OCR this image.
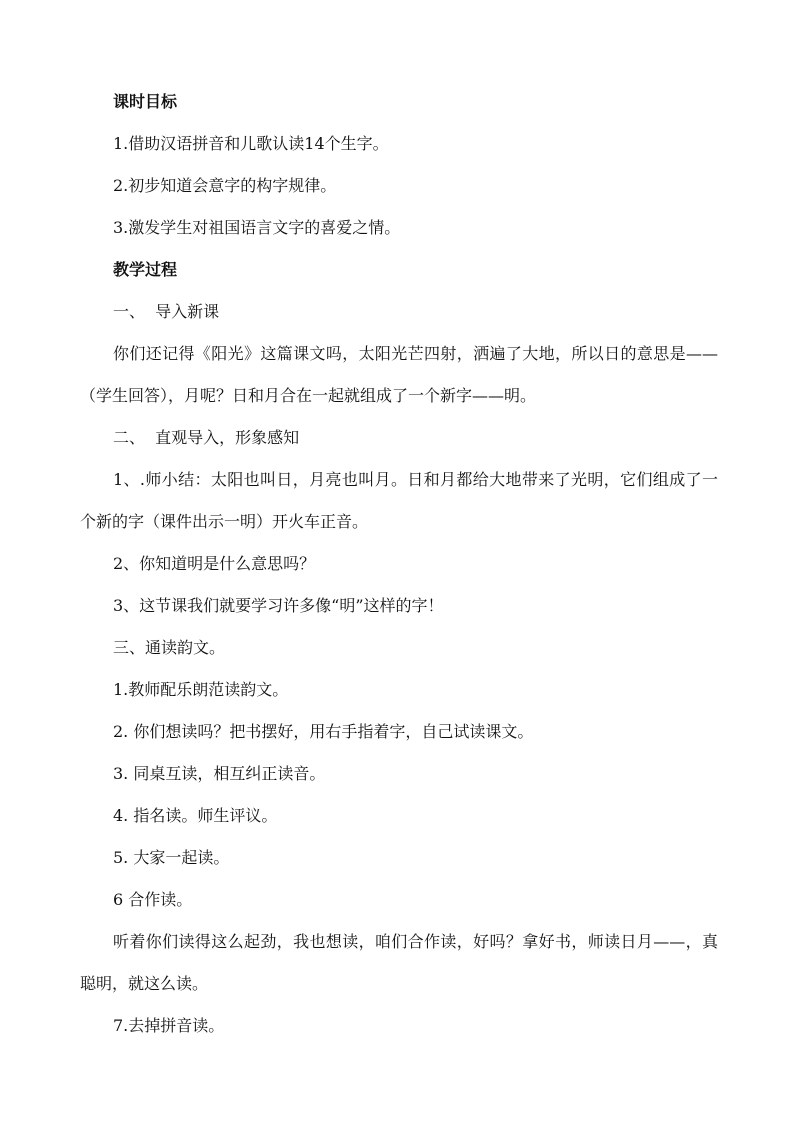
课时目标
1.借助汉语拼音和儿歌认读14个生字。
2.初步知道会意字的构字规律。
3.激发学生对祖国语言文字的喜爱之情。
教学过程
一、  导入新课
你们还记得《阳光》这篇课文吗，太阳光芒四射，洒遍了大地，所以日的意思是——（学生回答），月呢？日和月合在一起就组成了一个新字——明。
二、  直观导入，形象感知
1、.师小结：太阳也叫日，月亮也叫月。日和月都给大地带来了光明，它们组成了一个新的字（课件出示一明）开火车正音。
2、你知道明是什么意思吗？
3、这节课我们就要学习许多像“明”这样的字！
三、通读韵文。
1.教师配乐朗范读韵文。
2. 你们想读吗？把书摆好，用右手指着字，自己试读课文。
3. 同桌互读，相互纠正读音。
4. 指名读。师生评议。
5. 大家一起读。
6 合作读。
听着你们读得这么起劲，我也想读，咱们合作读，好吗？拿好书，师读日月——，真聪明，就这么读。
7.去掉拼音读。
